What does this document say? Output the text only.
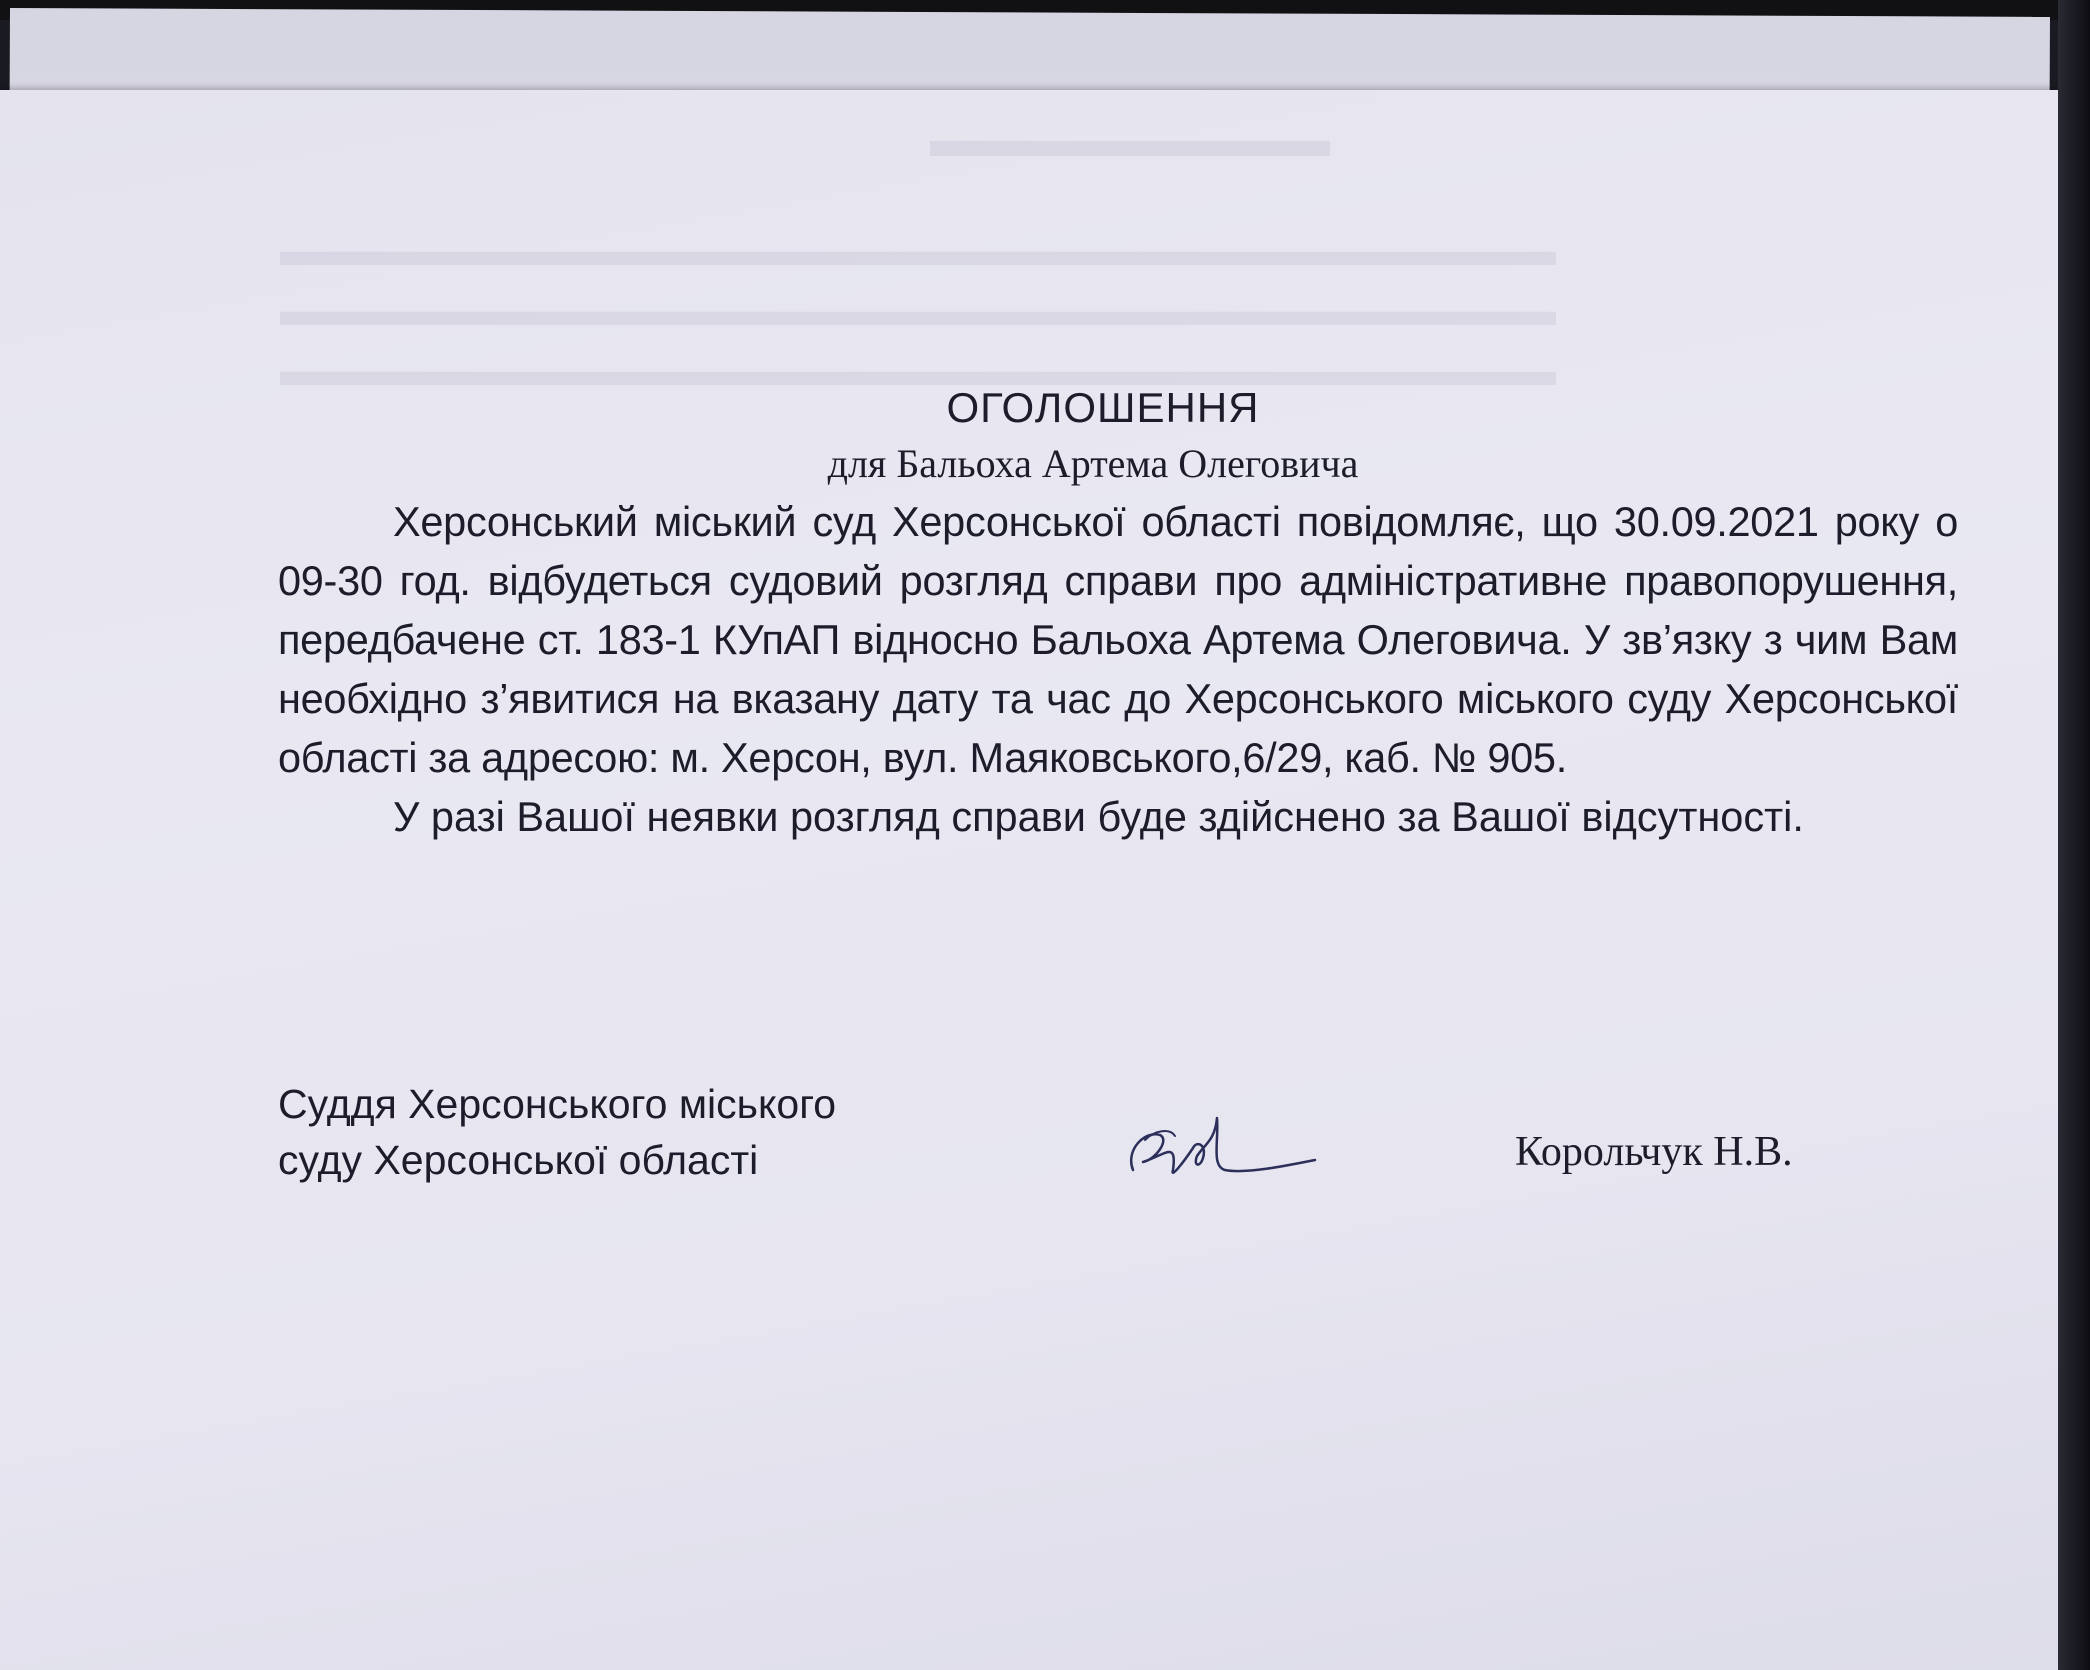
ОГОЛОШЕННЯ
для Бальоха Артема Олеговича

Херсонський міський суд Херсонської області повідомляє, що 30.09.2021 року о 09-30 год. відбудеться судовий розгляд справи про адміністративне правопорушення, передбачене ст. 183-1 КУпАП відносно Бальоха Артема Олеговича. У зв’язку з чим Вам необхідно з’явитися на вказану дату та час до Херсонського міського суду Херсонської області за адресою: м. Херсон, вул. Маяковського,6/29, каб. № 905.

У разі Вашої неявки розгляд справи буде здійснено за Вашої відсутності.

Суддя Херсонського міського
суду Херсонської області	Корольчук Н.В.
